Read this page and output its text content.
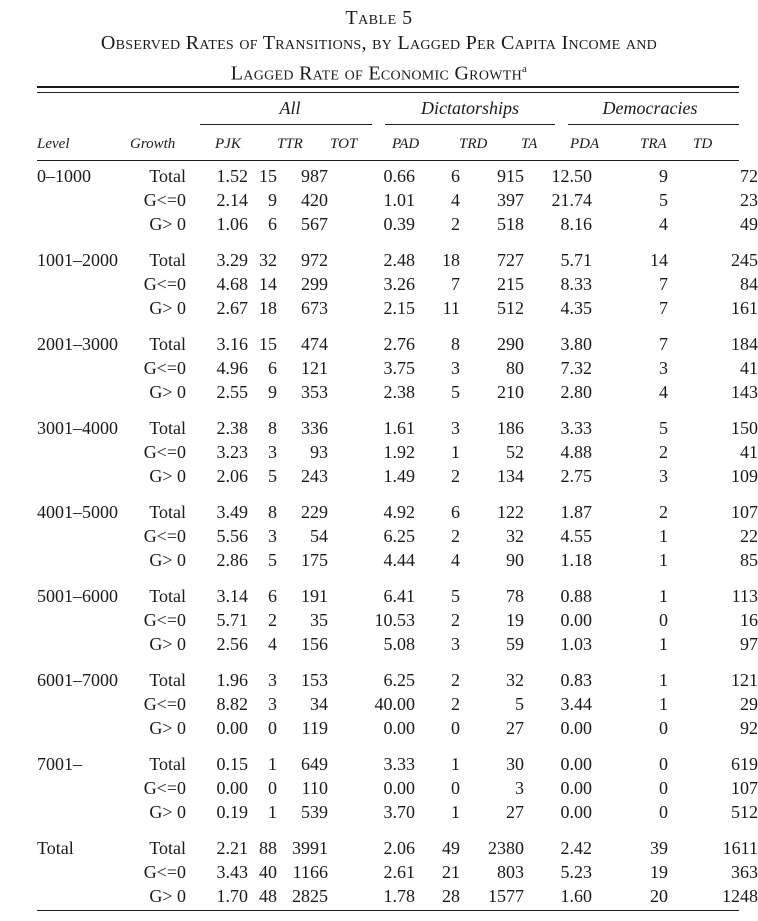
Table 5
Observed Rates of Transitions, by Lagged Per Capita Income and
Lagged Rate of Economic Growth$^a$
All	Dictatorships	Democracies
Level	Growth	PJK TTR TOT PAD	TRD TA PDA	TRA TD
	0–1000	Total	1.52	15		987		0.66	6		915	12.50		9	72
		G<=0	2.14	9		420		1.01	4		397	21.74		5	23
		G> 0	1.06	6		567		0.39	2		518	8.16		4	49

	1001–2000	Total	3.29	32		972		2.48	18		727	5.71		14	245
		G<=0	4.68	14		299		3.26	7		215	8.33		7	84
		G> 0	2.67	18		673		2.15	11		512	4.35		7	161

	2001–3000	Total	3.16	15		474		2.76	8		290	3.80		7	184
		G<=0	4.96	6		121		3.75	3		80	7.32		3	41
		G> 0	2.55	9		353		2.38	5		210	2.80		4	143

	3001–4000	Total	2.38	8		336		1.61	3		186	3.33		5	150
		G<=0	3.23	3		93		1.92	1		52	4.88		2	41
		G> 0	2.06	5		243		1.49	2		134	2.75		3	109

	4001–5000	Total	3.49	8		229		4.92	6		122	1.87		2	107
		G<=0	5.56	3		54		6.25	2		32	4.55		1	22
		G> 0	2.86	5		175		4.44	4		90	1.18		1	85

	5001–6000	Total	3.14	6		191		6.41	5		78	0.88		1	113
		G<=0	5.71	2		35		10.53	2		19	0.00		0	16
		G> 0	2.56	4		156		5.08	3		59	1.03		1	97

	6001–7000	Total	1.96	3		153		6.25	2		32	0.83		1	121
		G<=0	8.82	3		34		40.00	2		5	3.44		1	29
		G> 0	0.00	0		119		0.00	0		27	0.00		0	92

	7001–	Total	0.15	1		649		3.33	1		30	0.00		0	619
		G<=0	0.00	0		110		0.00	0		3	0.00		0	107
		G> 0	0.19	1		539		3.70	1		27	0.00		0	512

	Total	Total	2.21	88		3991		2.06	49		2380	2.42		39	1611
		G<=0	3.43	40		1166		2.61	21		803	5.23		19	363
		G> 0	1.70	48		2825		1.78	28		1577	1.60		20	1248
